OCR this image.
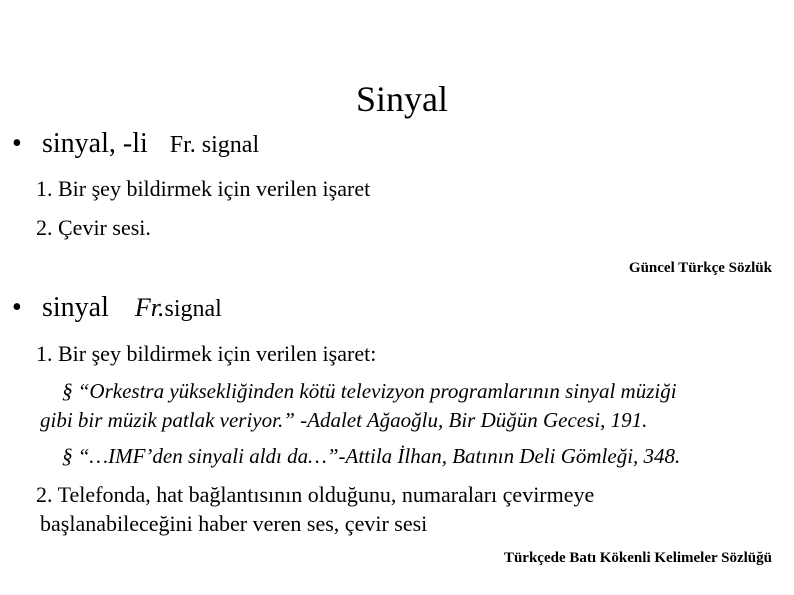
Sinyal
• sinyal, -li Fr. signal
1. Bir şey bildirmek için verilen işaret
2. Çevir sesi.
Güncel Türkçe Sözlük
• sinyal Fr.signal
1. Bir şey bildirmek için verilen işaret:
§ “Orkestra yüksekliğinden kötü televizyon programlarının sinyal müziği
gibi bir müzik patlak veriyor.” -Adalet Ağaoğlu, Bir Düğün Gecesi, 191.
§ “…IMF’den sinyali aldı da…”-Attila İlhan, Batının Deli Gömleği, 348.
2. Telefonda, hat bağlantısının olduğunu, numaraları çevirmeye
başlanabileceğini haber veren ses, çevir sesi
Türkçede Batı Kökenli Kelimeler Sözlüğü
